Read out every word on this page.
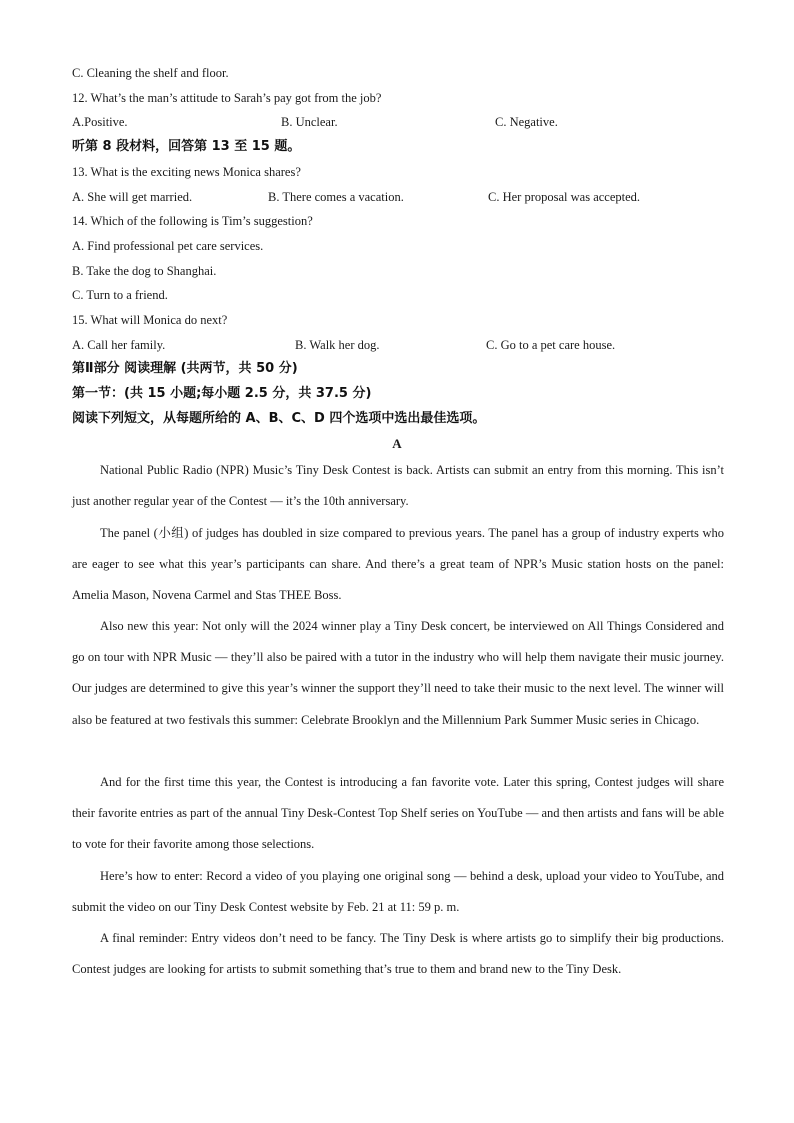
C. Cleaning the shelf and floor.
12. What’s the man’s attitude to Sarah’s pay got from the job?
A.Positive.	B. Unclear.	C. Negative.
听第 8 段材料，回答第 13 至 15 题。
13. What is the exciting news Monica shares?
A. She will get married.	B. There comes a vacation.	C. Her proposal was accepted.
14. Which of the following is Tim’s suggestion?
A. Find professional pet care services.
B. Take the dog to Shanghai.
C. Turn to a friend.
15. What will Monica do next?
A. Call her family.	B. Walk her dog.	C. Go to a pet care house.
第Ⅱ部分 阅读理解 (共两节，共 50 分)
第一节：(共 15 小题;每小题 2.5 分，共 37.5 分)
阅读下列短文，从每题所给的 A、B、C、D 四个选项中选出最佳选项。
A
National Public Radio (NPR) Music’s Tiny Desk Contest is back. Artists can submit an entry from this morning. This isn’t just another regular year of the Contest — it’s the 10th anniversary.
The panel (小组) of judges has doubled in size compared to previous years. The panel has a group of industry experts who are eager to see what this year’s participants can share. And there’s a great team of NPR’s Music station hosts on the panel: Amelia Mason, Novena Carmel and Stas THEE Boss.
Also new this year: Not only will the 2024 winner play a Tiny Desk concert, be interviewed on All Things Considered and go on tour with NPR Music — they’ll also be paired with a tutor in the industry who will help them navigate their music journey. Our judges are determined to give this year’s winner the support they’ll need to take their music to the next level. The winner will also be featured at two festivals this summer: Celebrate Brooklyn and the Millennium Park Summer Music series in Chicago.
And for the first time this year, the Contest is introducing a fan favorite vote. Later this spring, Contest judges will share their favorite entries as part of the annual Tiny Desk-Contest Top Shelf series on YouTube — and then artists and fans will be able to vote for their favorite among those selections.
Here’s how to enter: Record a video of you playing one original song — behind a desk, upload your video to YouTube, and submit the video on our Tiny Desk Contest website by Feb. 21 at 11: 59 p. m.
A final reminder: Entry videos don’t need to be fancy. The Tiny Desk is where artists go to simplify their big productions. Contest judges are looking for artists to submit something that’s true to them and brand new to the Tiny Desk.
